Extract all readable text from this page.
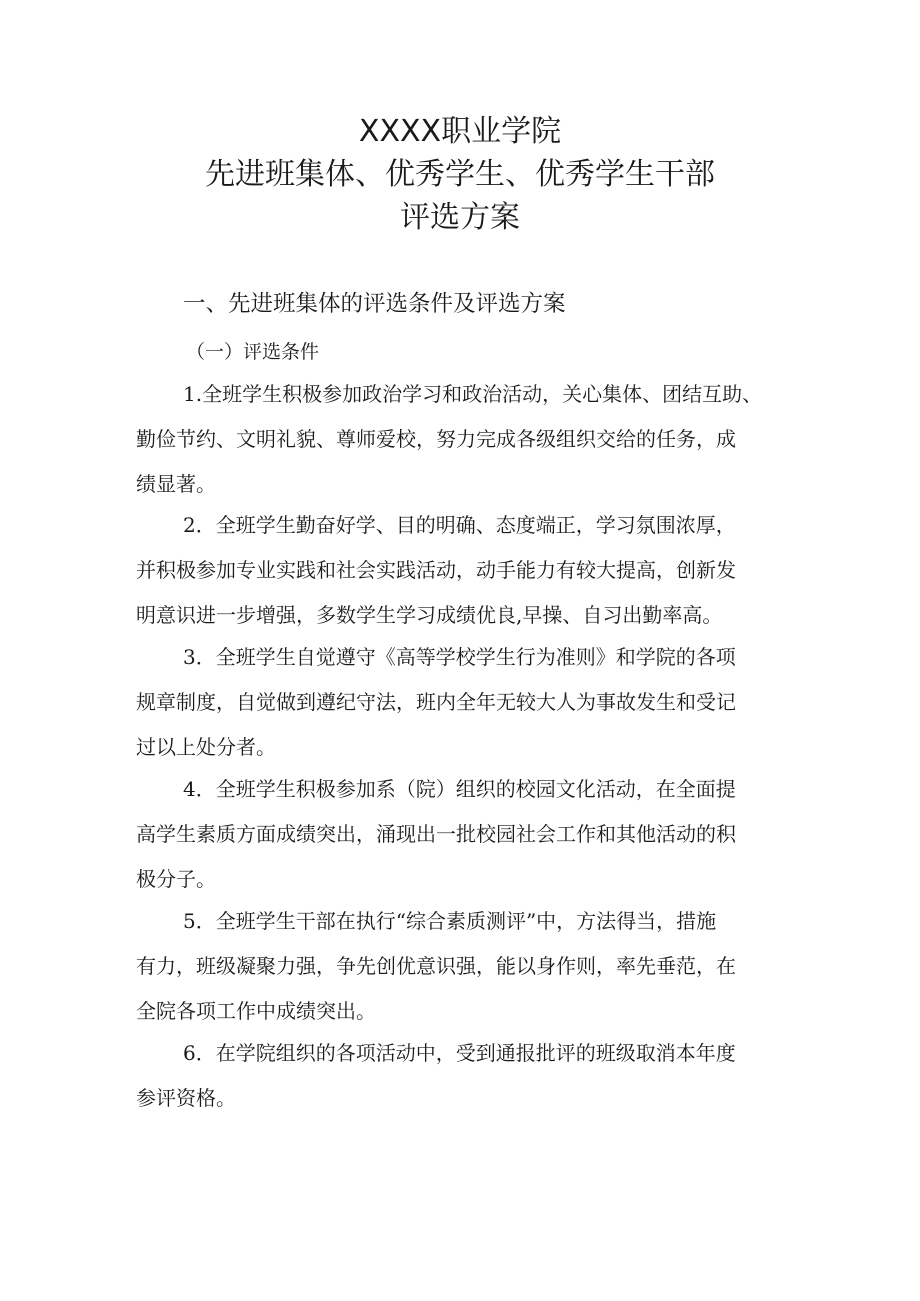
XXXX职业学院
先进班集体、优秀学生、优秀学生干部
评选方案
一、先进班集体的评选条件及评选方案
（一）评选条件
1.全班学生积极参加政治学习和政治活动，关心集体、团结互助、
勤俭节约、文明礼貌、尊师爱校，努力完成各级组织交给的任务，成
绩显著。
2．全班学生勤奋好学、目的明确、态度端正，学习氛围浓厚，
并积极参加专业实践和社会实践活动，动手能力有较大提高，创新发
明意识进一步增强，多数学生学习成绩优良,早操、自习出勤率高。
3．全班学生自觉遵守《高等学校学生行为准则》和学院的各项
规章制度，自觉做到遵纪守法，班内全年无较大人为事故发生和受记
过以上处分者。
4．全班学生积极参加系（院）组织的校园文化活动，在全面提
高学生素质方面成绩突出，涌现出一批校园社会工作和其他活动的积
极分子。
5．全班学生干部在执行“综合素质测评”中，方法得当，措施
有力，班级凝聚力强，争先创优意识强，能以身作则，率先垂范，在
全院各项工作中成绩突出。
6．在学院组织的各项活动中，受到通报批评的班级取消本年度
参评资格。
